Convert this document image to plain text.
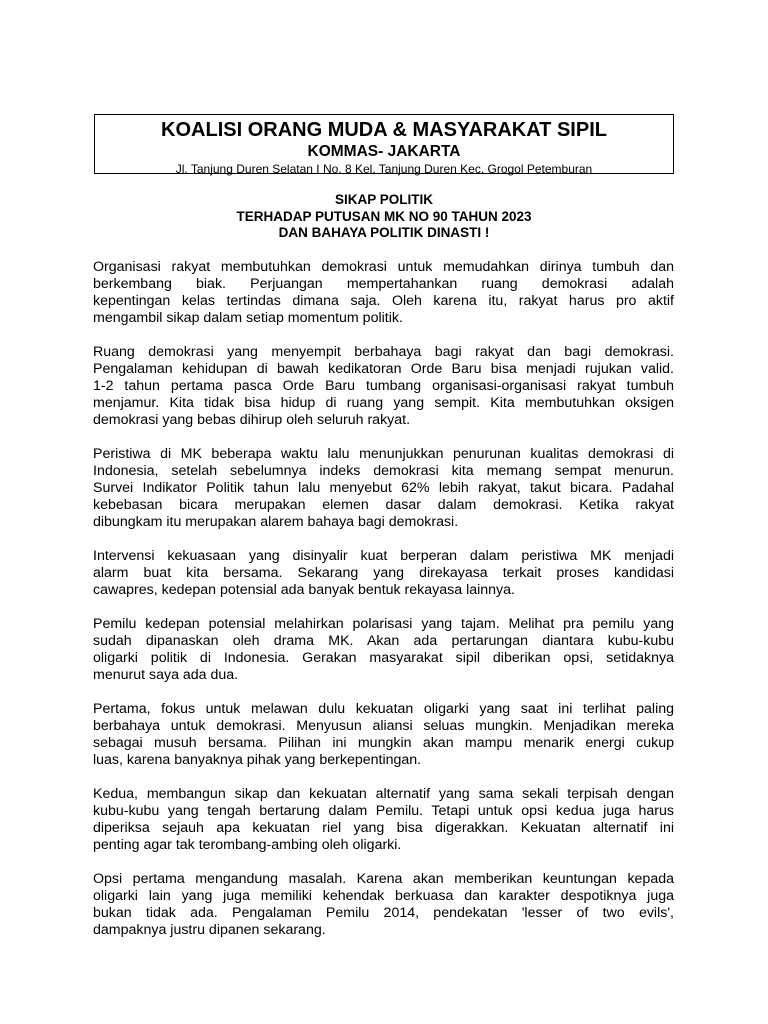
KOALISI ORANG MUDA & MASYARAKAT SIPIL
KOMMAS- JAKARTA
Jl. Tanjung Duren Selatan I No. 8 Kel. Tanjung Duren Kec. Grogol Petemburan
SIKAP POLITIK
TERHADAP PUTUSAN MK NO 90 TAHUN 2023
DAN BAHAYA POLITIK DINASTI !
Organisasi rakyat membutuhkan demokrasi untuk memudahkan dirinya tumbuh dan
berkembang biak. Perjuangan mempertahankan ruang demokrasi adalah
kepentingan kelas tertindas dimana saja. Oleh karena itu, rakyat harus pro aktif
mengambil sikap dalam setiap momentum politik.
Ruang demokrasi yang menyempit berbahaya bagi rakyat dan bagi demokrasi.
Pengalaman kehidupan di bawah kedikatoran Orde Baru bisa menjadi rujukan valid.
1-2 tahun pertama pasca Orde Baru tumbang organisasi-organisasi rakyat tumbuh
menjamur. Kita tidak bisa hidup di ruang yang sempit. Kita membutuhkan oksigen
demokrasi yang bebas dihirup oleh seluruh rakyat.
Peristiwa di MK beberapa waktu lalu menunjukkan penurunan kualitas demokrasi di
Indonesia, setelah sebelumnya indeks demokrasi kita memang sempat menurun.
Survei Indikator Politik tahun lalu menyebut 62% lebih rakyat, takut bicara. Padahal
kebebasan bicara merupakan elemen dasar dalam demokrasi. Ketika rakyat
dibungkam itu merupakan alarem bahaya bagi demokrasi.
Intervensi kekuasaan yang disinyalir kuat berperan dalam peristiwa MK menjadi
alarm buat kita bersama. Sekarang yang direkayasa terkait proses kandidasi
cawapres, kedepan potensial ada banyak bentuk rekayasa lainnya.
Pemilu kedepan potensial melahirkan polarisasi yang tajam. Melihat pra pemilu yang
sudah dipanaskan oleh drama MK. Akan ada pertarungan diantara kubu-kubu
oligarki politik di Indonesia. Gerakan masyarakat sipil diberikan opsi, setidaknya
menurut saya ada dua.
Pertama, fokus untuk melawan dulu kekuatan oligarki yang saat ini terlihat paling
berbahaya untuk demokrasi. Menyusun aliansi seluas mungkin. Menjadikan mereka
sebagai musuh bersama. Pilihan ini mungkin akan mampu menarik energi cukup
luas, karena banyaknya pihak yang berkepentingan.
Kedua, membangun sikap dan kekuatan alternatif yang sama sekali terpisah dengan
kubu-kubu yang tengah bertarung dalam Pemilu. Tetapi untuk opsi kedua juga harus
diperiksa sejauh apa kekuatan riel yang bisa digerakkan. Kekuatan alternatif ini
penting agar tak terombang-ambing oleh oligarki.
Opsi pertama mengandung masalah. Karena akan memberikan keuntungan kepada
oligarki lain yang juga memiliki kehendak berkuasa dan karakter despotiknya juga
bukan tidak ada. Pengalaman Pemilu 2014, pendekatan 'lesser of two evils',
dampaknya justru dipanen sekarang.
